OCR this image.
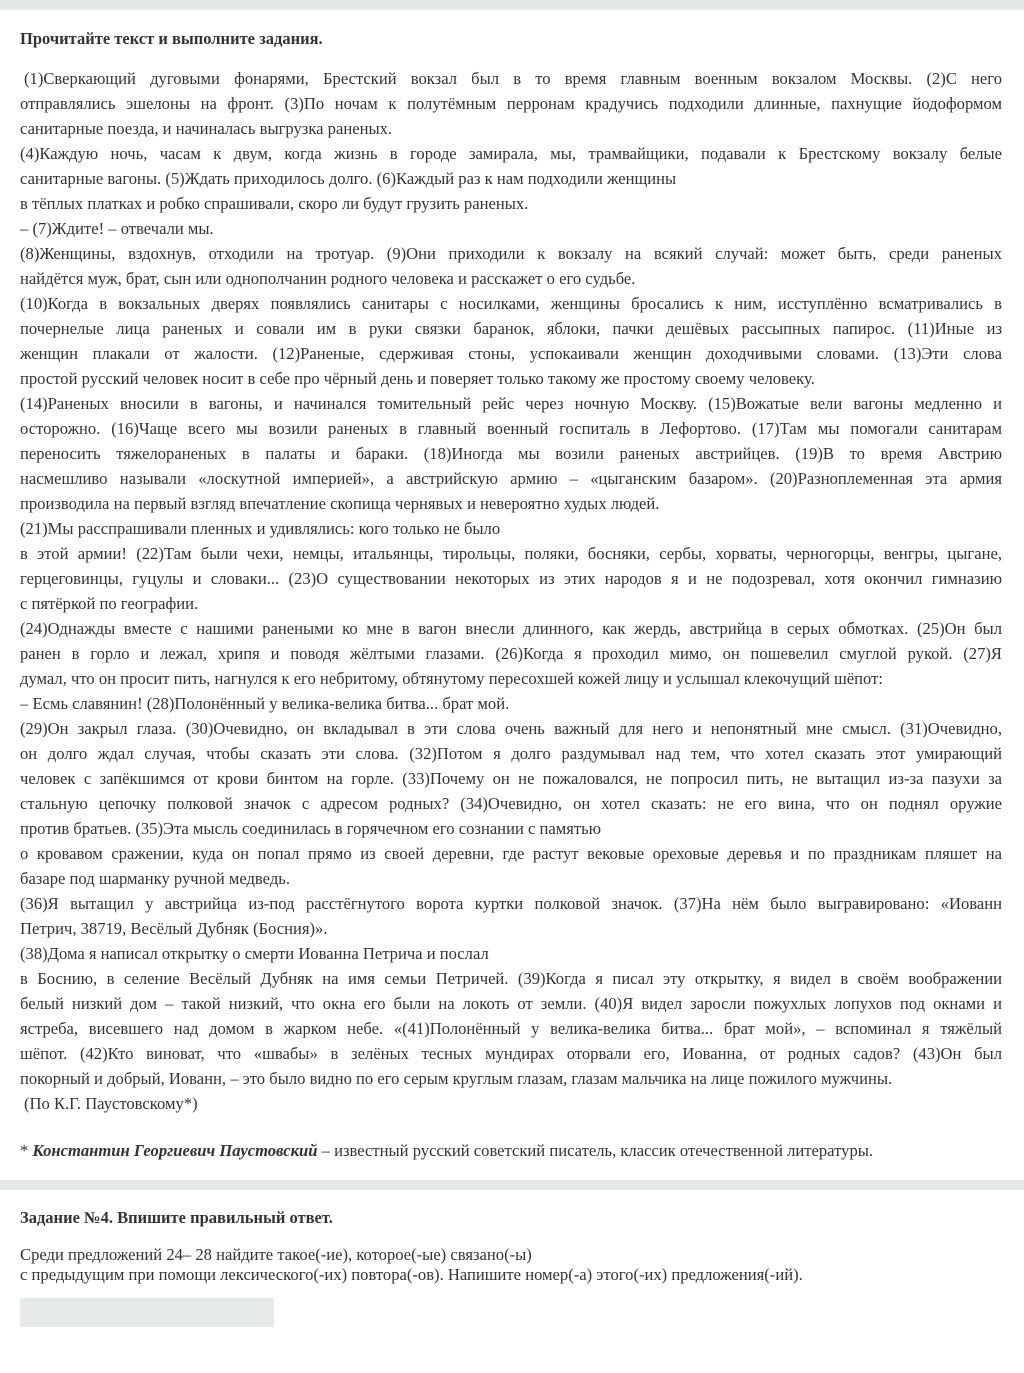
Прочитайте текст и выполните задания.
(1)Сверкающий дуговыми фонарями, Брестский вокзал был в то время главным военным вокзалом Москвы. (2)С него
отправлялись эшелоны на фронт. (3)По ночам к полутёмным перронам крадучись подходили длинные, пахнущие йодоформом
санитарные поезда, и начиналась выгрузка раненых.
(4)Каждую ночь, часам к двум, когда жизнь в городе замирала, мы, трамвайщики, подавали к Брестскому вокзалу белые
санитарные вагоны. (5)Ждать приходилось долго. (6)Каждый раз к нам подходили женщины
в тёплых платках и робко спрашивали, скоро ли будут грузить раненых.
– (7)Ждите! – отвечали мы.
(8)Женщины, вздохнув, отходили на тротуар. (9)Они приходили к вокзалу на всякий случай: может быть, среди раненых
найдётся муж, брат, сын или однополчанин родного человека и расскажет о его судьбе.
(10)Когда в вокзальных дверях появлялись санитары с носилками, женщины бросались к ним, исступлённо всматривались в
почернелые лица раненых и совали им в руки связки баранок, яблоки, пачки дешёвых рассыпных папирос. (11)Иные из
женщин плакали от жалости. (12)Раненые, сдерживая стоны, успокаивали женщин доходчивыми словами. (13)Эти слова
простой русский человек носит в себе про чёрный день и поверяет только такому же простому своему человеку.
(14)Раненых вносили в вагоны, и начинался томительный рейс через ночную Москву. (15)Вожатые вели вагоны медленно и
осторожно. (16)Чаще всего мы возили раненых в главный военный госпиталь в Лефортово. (17)Там мы помогали санитарам
переносить тяжелораненых в палаты и бараки. (18)Иногда мы возили раненых австрийцев. (19)В то время Австрию
насмешливо называли «лоскутной империей», а австрийскую армию – «цыганским базаром». (20)Разноплеменная эта армия
производила на первый взгляд впечатление скопища чернявых и невероятно худых людей.
(21)Мы расспрашивали пленных и удивлялись: кого только не было
в этой армии! (22)Там были чехи, немцы, итальянцы, тирольцы, поляки, босняки, сербы, хорваты, черногорцы, венгры, цыгане,
герцеговинцы, гуцулы и словаки... (23)О существовании некоторых из этих народов я и не подозревал, хотя окончил гимназию
с пятёркой по географии.
(24)Однажды вместе с нашими ранеными ко мне в вагон внесли длинного, как жердь, австрийца в серых обмотках. (25)Он был
ранен в горло и лежал, хрипя и поводя жёлтыми глазами. (26)Когда я проходил мимо, он пошевелил смуглой рукой. (27)Я
думал, что он просит пить, нагнулся к его небритому, обтянутому пересохшей кожей лицу и услышал клекочущий шёпот:
– Есмь славянин! (28)Полонённый у велика-велика битва... брат мой.
(29)Он закрыл глаза. (30)Очевидно, он вкладывал в эти слова очень важный для него и непонятный мне смысл. (31)Очевидно,
он долго ждал случая, чтобы сказать эти слова. (32)Потом я долго раздумывал над тем, что хотел сказать этот умирающий
человек с запёкшимся от крови бинтом на горле. (33)Почему он не пожаловался, не попросил пить, не вытащил из-за пазухи за
стальную цепочку полковой значок с адресом родных? (34)Очевидно, он хотел сказать: не его вина, что он поднял оружие
против братьев. (35)Эта мысль соединилась в горячечном его сознании с памятью
о кровавом сражении, куда он попал прямо из своей деревни, где растут вековые ореховые деревья и по праздникам пляшет на
базаре под шарманку ручной медведь.
(36)Я вытащил у австрийца из-под расстёгнутого ворота куртки полковой значок. (37)На нём было выгравировано: «Иованн
Петрич, 38719, Весёлый Дубняк (Босния)».
(38)Дома я написал открытку о смерти Иованна Петрича и послал
в Боснию, в селение Весёлый Дубняк на имя семьи Петричей. (39)Когда я писал эту открытку, я видел в своём воображении
белый низкий дом – такой низкий, что окна его были на локоть от земли. (40)Я видел заросли пожухлых лопухов под окнами и
ястреба, висевшего над домом в жарком небе. «(41)Полонённый у велика-велика битва... брат мой», – вспоминал я тяжёлый
шёпот. (42)Кто виноват, что «швабы» в зелёных тесных мундирах оторвали его, Иованна, от родных садов? (43)Он был
покорный и добрый, Иованн, – это было видно по его серым круглым глазам, глазам мальчика на лице пожилого мужчины.
(По К.Г. Паустовскому*)
* Константин Георгиевич Паустовский – известный русский советский писатель, классик отечественной литературы.
Задание №4. Впишите правильный ответ.
Среди предложений 24– 28 найдите такое(-ие), которое(-ые) связано(-ы)
с предыдущим при помощи лексического(-их) повтора(-ов). Напишите номер(-а) этого(-их) предложения(-ий).
